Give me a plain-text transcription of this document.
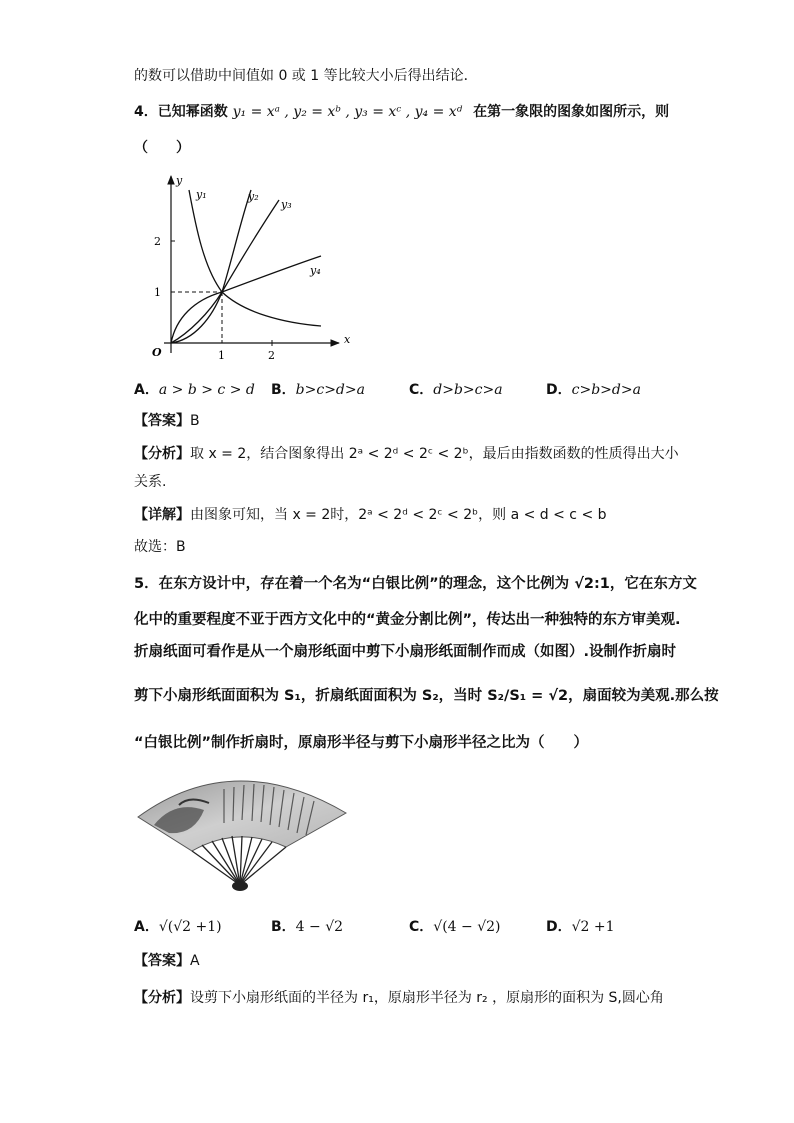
的数可以借助中间值如 0 或 1 等比较大小后得出结论．
4．已知幂函数 y₁ = xᵃ , y₂ = xᵇ , y₃ = xᶜ , y₄ = xᵈ 在第一象限的图象如图所示，则
（　　）
y
x
O	1	2
1
2
y₁	y₂
y₃
y₄
A．a > b > c > d B．b>c>d>a	C．d>b>c>a	D．c>b>d>a
【答案】B
【分析】取 x = 2，结合图象得出 2ᵃ < 2ᵈ < 2ᶜ < 2ᵇ，最后由指数函数的性质得出大小
关系.
【详解】由图象可知，当 x = 2时，2ᵃ < 2ᵈ < 2ᶜ < 2ᵇ，则 a < d < c < b
故选：B
5．在东方设计中，存在着一个名为“白银比例”的理念，这个比例为 √2:1，它在东方文
化中的重要程度不亚于西方文化中的“黄金分割比例”，传达出一种独特的东方审美观.
折扇纸面可看作是从一个扇形纸面中剪下小扇形纸面制作而成（如图）.设制作折扇时
剪下小扇形纸面面积为 S₁，折扇纸面面积为 S₂，当时 S₂/S₁ = √2，扇面较为美观.那么按
“白银比例”制作折扇时，原扇形半径与剪下小扇形半径之比为（　　）
A．√(√2 +1)	B．4 − √2	C．√(4 − √2)	D．√2 +1
【答案】A
【分析】设剪下小扇形纸面的半径为 r₁，原扇形半径为 r₂ ，原扇形的面积为 S,圆心角
